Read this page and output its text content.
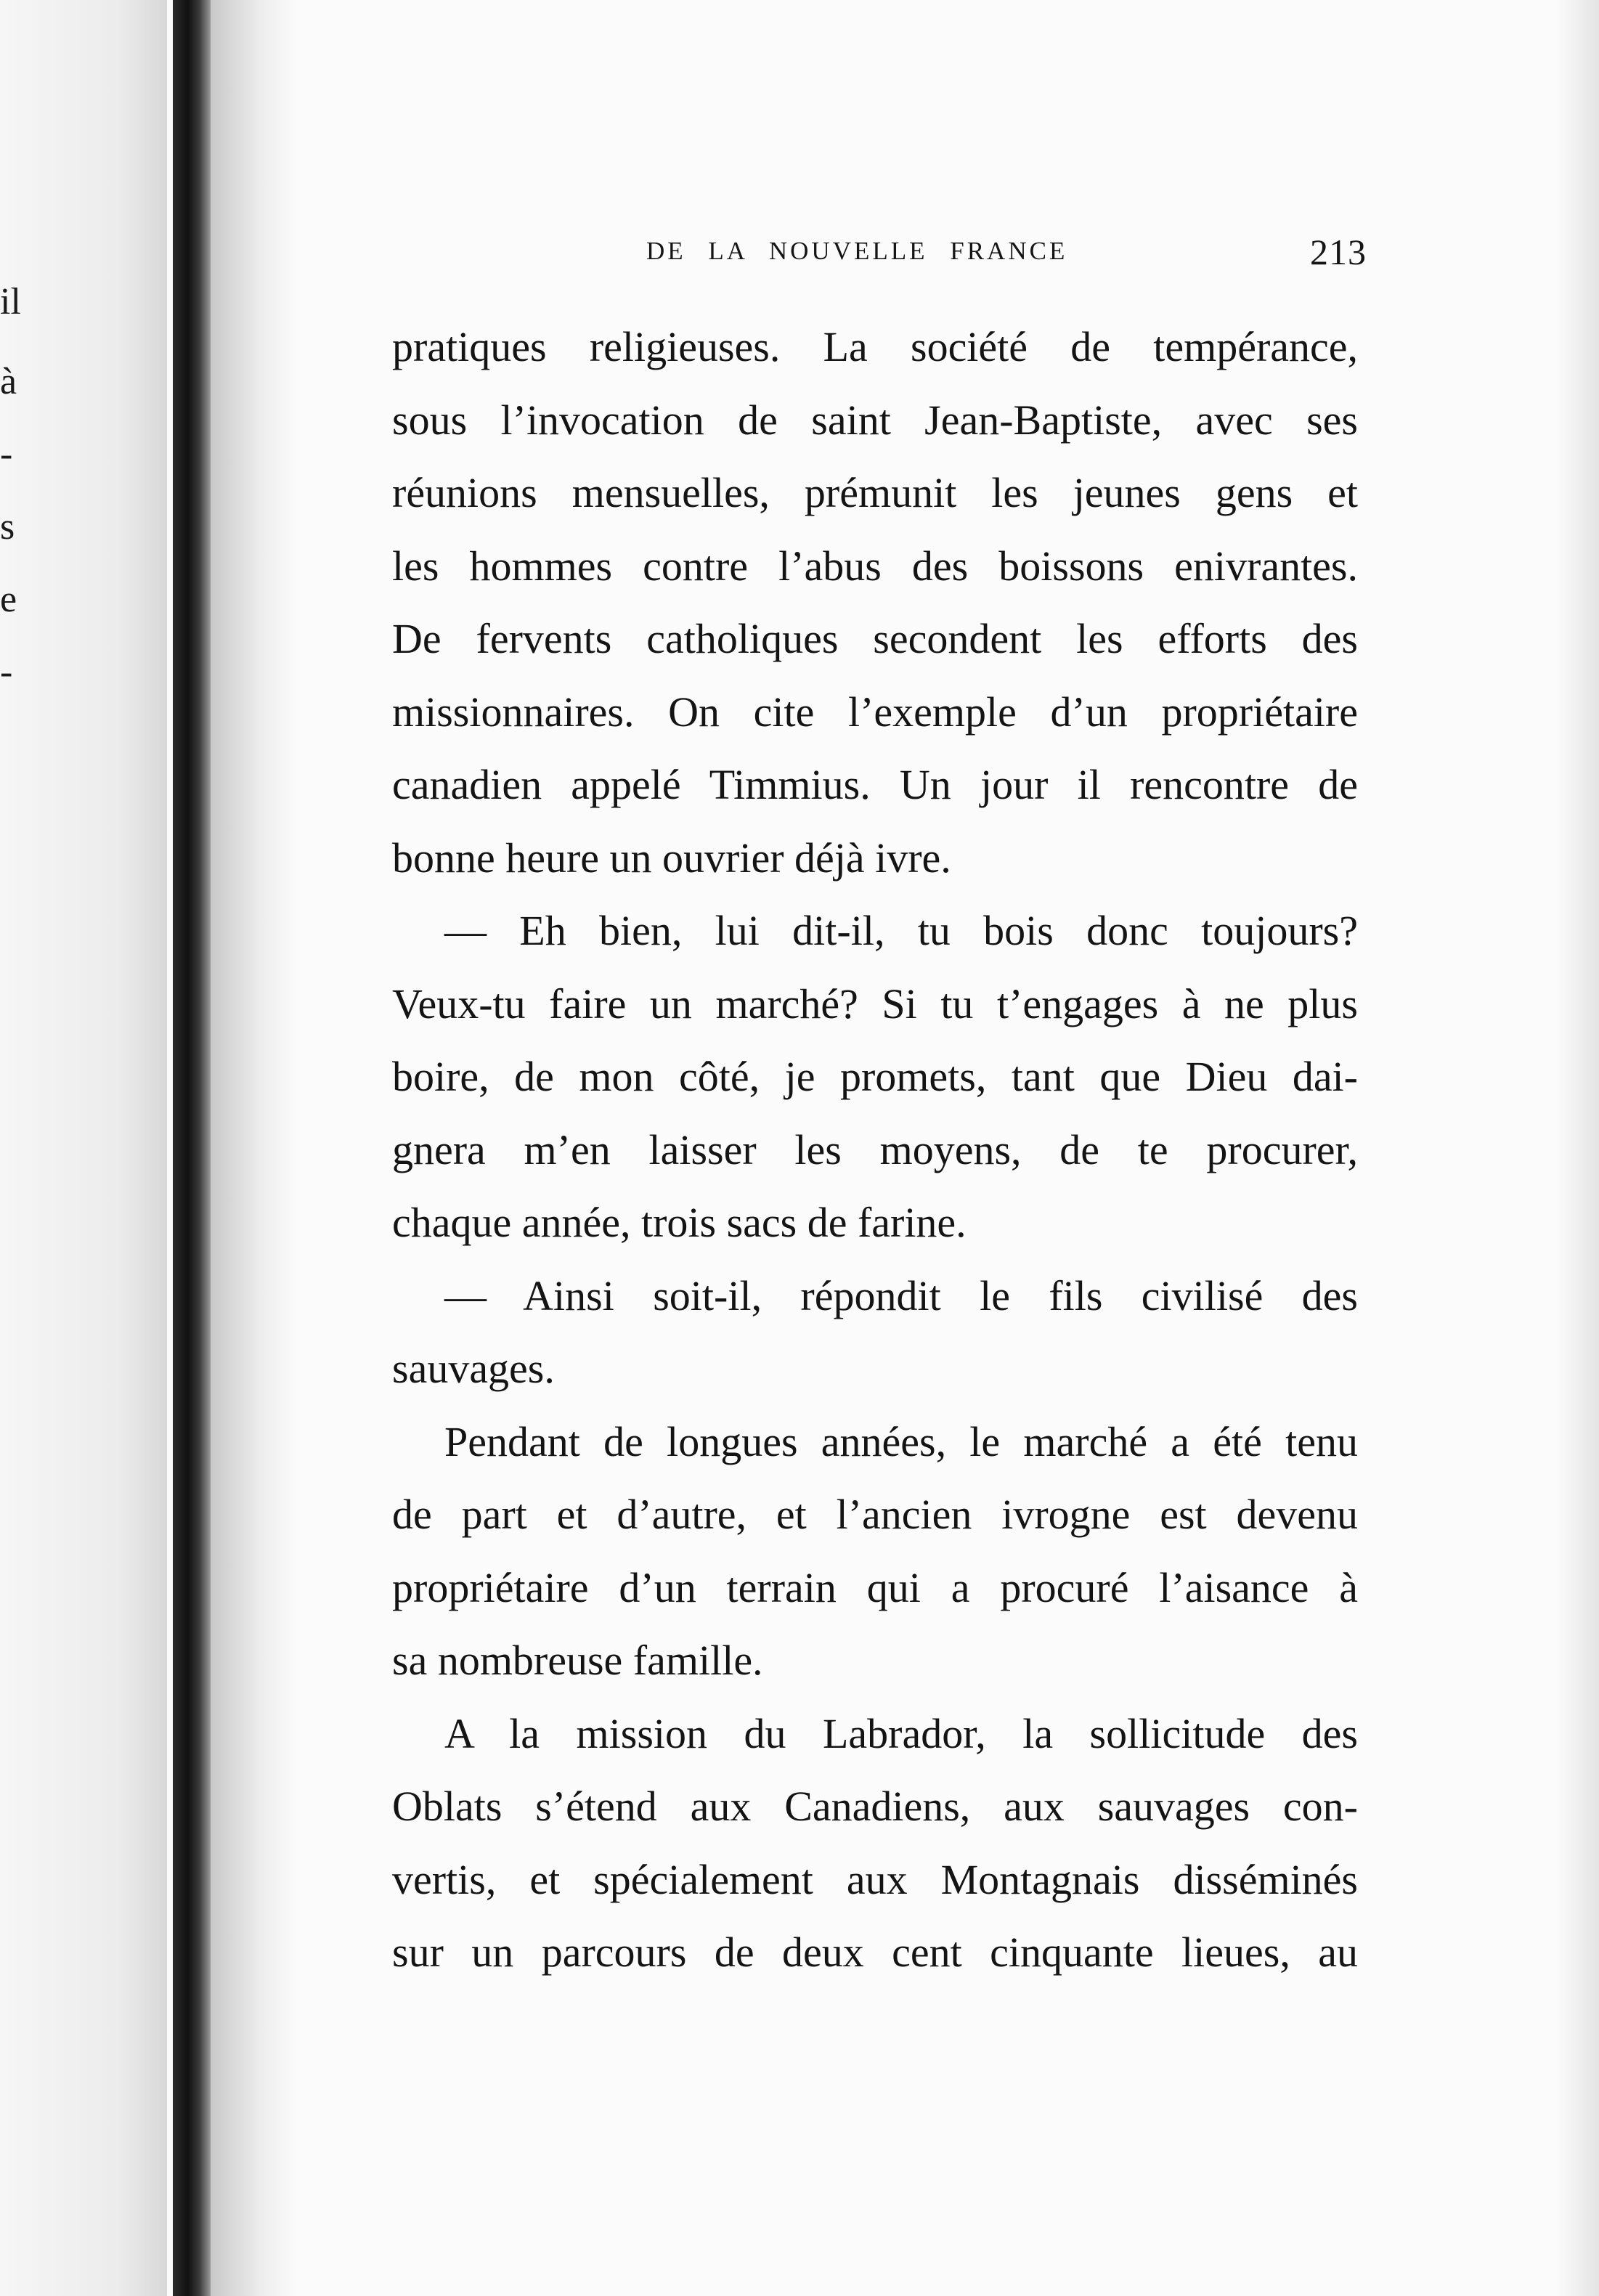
il
à
-
s
e
-
DE LA NOUVELLE FRANCE	213
pratiques religieuses. La société de tempérance,
sous l’invocation de saint Jean-Baptiste, avec ses
réunions mensuelles, prémunit les jeunes gens et
les hommes contre l’abus des boissons enivrantes.
De fervents catholiques secondent les efforts des
missionnaires. On cite l’exemple d’un propriétaire
canadien appelé Timmius. Un jour il rencontre de
bonne heure un ouvrier déjà ivre.
— Eh bien, lui dit-il, tu bois donc toujours?
Veux-tu faire un marché? Si tu t’engages à ne plus
boire, de mon côté, je promets, tant que Dieu dai-
gnera m’en laisser les moyens, de te procurer,
chaque année, trois sacs de farine.
— Ainsi soit-il, répondit le fils civilisé des
sauvages.
Pendant de longues années, le marché a été tenu
de part et d’autre, et l’ancien ivrogne est devenu
propriétaire d’un terrain qui a procuré l’aisance à
sa nombreuse famille.
A la mission du Labrador, la sollicitude des
Oblats s’étend aux Canadiens, aux sauvages con-
vertis, et spécialement aux Montagnais disséminés
sur un parcours de deux cent cinquante lieues, au
